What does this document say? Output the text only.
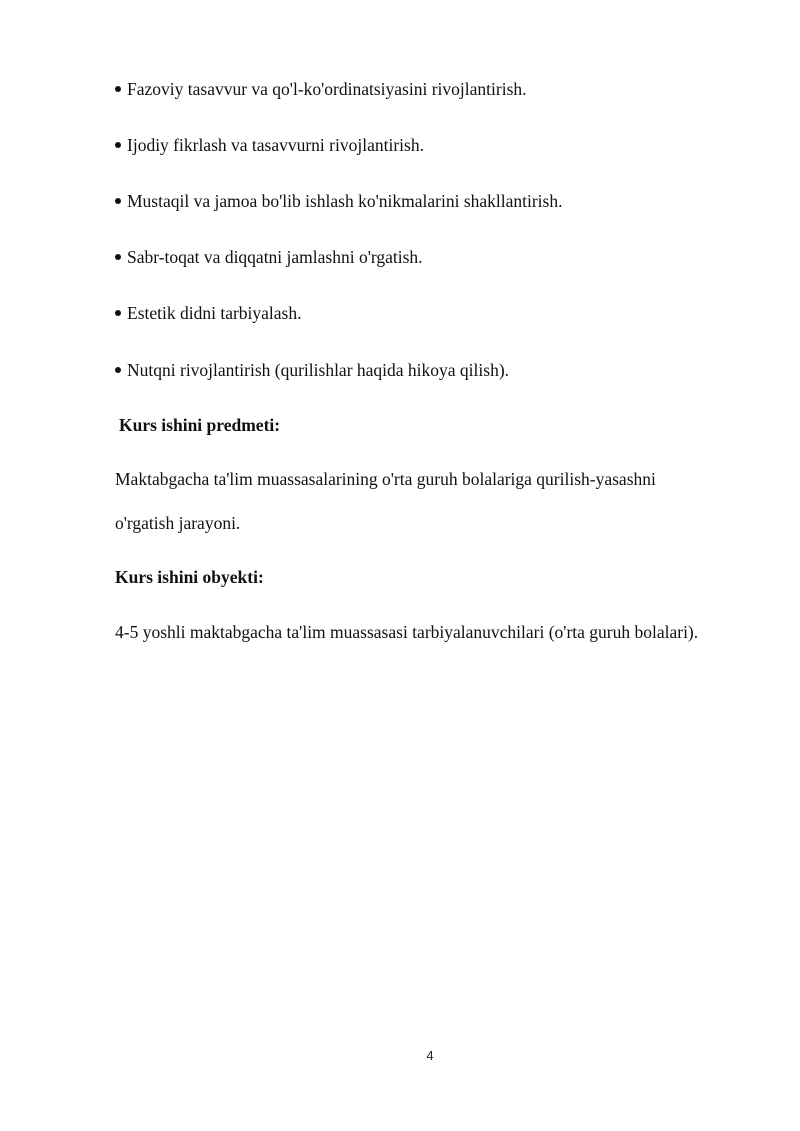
Fazoviy tasavvur va qo'l-ko'ordinatsiyasini rivojlantirish.
Ijodiy fikrlash va tasavvurni rivojlantirish.
Mustaqil va jamoa bo'lib ishlash ko'nikmalarini shakllantirish.
Sabr-toqat va diqqatni jamlashni o'rgatish.
Estetik didni tarbiyalash.
Nutqni rivojlantirish (qurilishlar haqida hikoya qilish).
Kurs ishini predmeti:
Maktabgacha ta'lim muassasalarining o'rta guruh bolalariga qurilish-yasashni
o'rgatish jarayoni.
Kurs ishini obyekti:
4-5 yoshli maktabgacha ta'lim muassasasi tarbiyalanuvchilari (o'rta guruh bolalari).
4
